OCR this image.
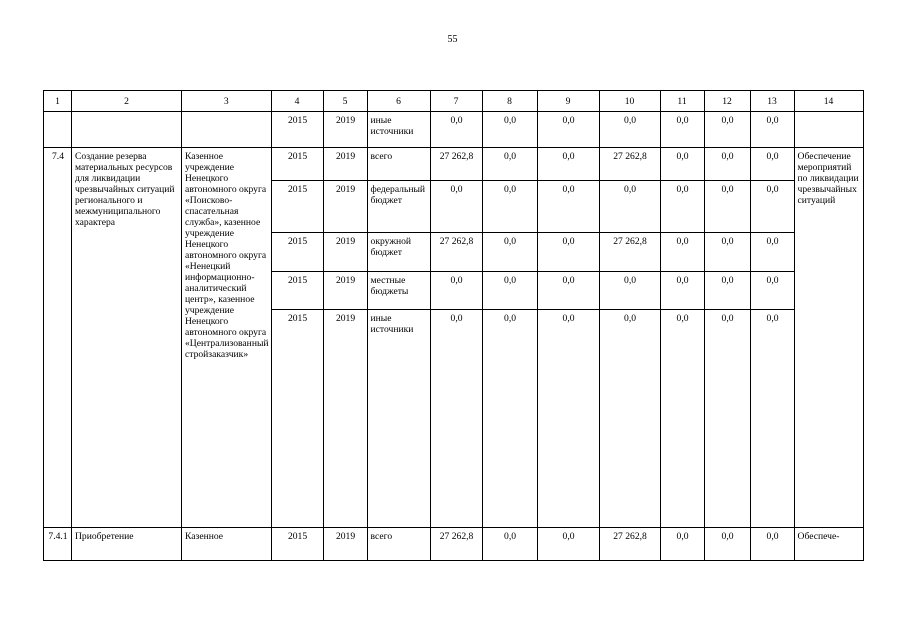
55
1	2	3	4	5	6	7	8	9	10	11	12	13	14
			2015	2019	иные источники	0,0	0,0	0,0	0,0	0,0	0,0	0,0	
7.4	Создание резерва материальных ресурсов для ликвидации чрезвычайных ситуаций регионального и межмуниципального характера	Казенное учреждение Ненецкого автономного округа «Поисково-спасательная служба», казенное учреждение Ненецкого автономного округа «Ненецкий информационно-аналитический центр», казенное учреждение Ненецкого автономного округа «Централизованный стройзаказчик»	2015	2019	всего	27 262,8	0,0	0,0	27 262,8	0,0	0,0	0,0	Обеспечение мероприятий по ликвидации чрезвычайных ситуаций
			2015	2019	федеральный бюджет	0,0	0,0	0,0	0,0	0,0	0,0	0,0	
			2015	2019	окружной бюджет	27 262,8	0,0	0,0	27 262,8	0,0	0,0	0,0	
			2015	2019	местные бюджеты	0,0	0,0	0,0	0,0	0,0	0,0	0,0	
			2015	2019	иные источники	0,0	0,0	0,0	0,0	0,0	0,0	0,0	
7.4.1	Приобретение	Казенное	2015	2019	всего	27 262,8	0,0	0,0	27 262,8	0,0	0,0	0,0	Обеспече-
